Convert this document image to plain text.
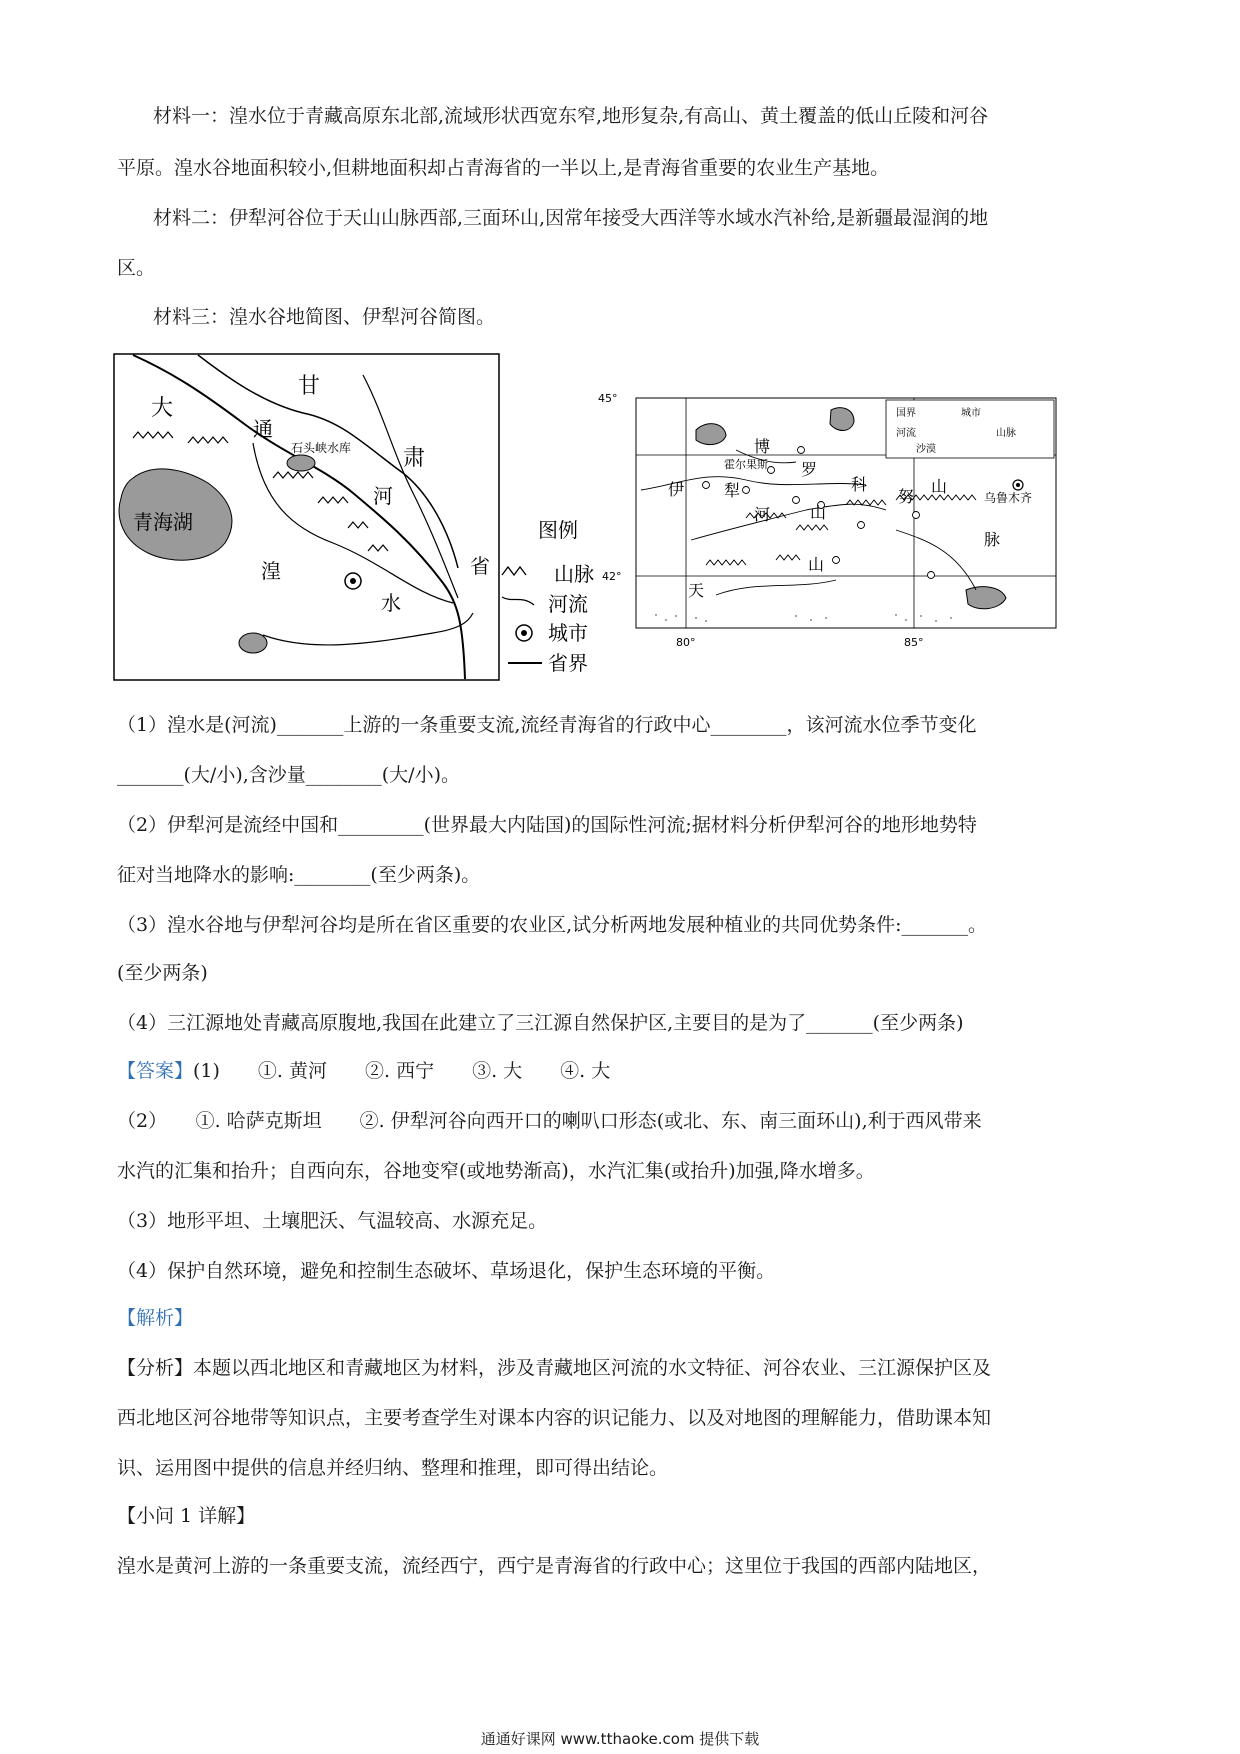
材料一：湟水位于青藏高原东北部,流域形状西宽东窄,地形复杂,有高山、黄土覆盖的低山丘陵和河谷
平原。湟水谷地面积较小,但耕地面积却占青海省的一半以上,是青海省重要的农业生产基地。
材料二：伊犁河谷位于天山山脉西部,三面环山,因常年接受大西洋等水域水汽补给,是新疆最湿润的地
区。
材料三：湟水谷地简图、伊犁河谷简图。
大
通
甘
肃
河
省
青海湖
湟
水
石头峡水库
图例
山脉
河流
城市
省界
国界	城市
河流	山脉
沙漠
45°
42°
80°	85°
博
罗
科
努
山
霍尔果斯
伊 犁
河
乌鲁木齐
山
脉
天
山
（1）湟水是(河流)_______上游的一条重要支流,流经青海省的行政中心________，该河流水位季节变化
_______(大/小),含沙量________(大/小)。
（2）伊犁河是流经中国和_________(世界最大内陆国)的国际性河流;据材料分析伊犁河谷的地形地势特
征对当地降水的影响:________(至少两条)。
（3）湟水谷地与伊犁河谷均是所在省区重要的农业区,试分析两地发展种植业的共同优势条件:_______。
(至少两条)
（4）三江源地处青藏高原腹地,我国在此建立了三江源自然保护区,主要目的是为了_______(至少两条)
【答案】(1)　　①. 黄河　　②. 西宁　　③. 大　　④. 大
（2）　　①. 哈萨克斯坦　　②. 伊犁河谷向西开口的喇叭口形态(或北、东、南三面环山),利于西风带来
水汽的汇集和抬升；自西向东，谷地变窄(或地势渐高)，水汽汇集(或抬升)加强,降水增多。
（3）地形平坦、土壤肥沃、气温较高、水源充足。
（4）保护自然环境，避免和控制生态破坏、草场退化，保护生态环境的平衡。
【解析】
【分析】本题以西北地区和青藏地区为材料，涉及青藏地区河流的水文特征、河谷农业、三江源保护区及
西北地区河谷地带等知识点，主要考查学生对课本内容的识记能力、以及对地图的理解能力，借助课本知
识、运用图中提供的信息并经归纳、整理和推理，即可得出结论。
【小问 1 详解】
湟水是黄河上游的一条重要支流，流经西宁，西宁是青海省的行政中心；这里位于我国的西部内陆地区，
通通好课网 www.tthaoke.com 提供下载
